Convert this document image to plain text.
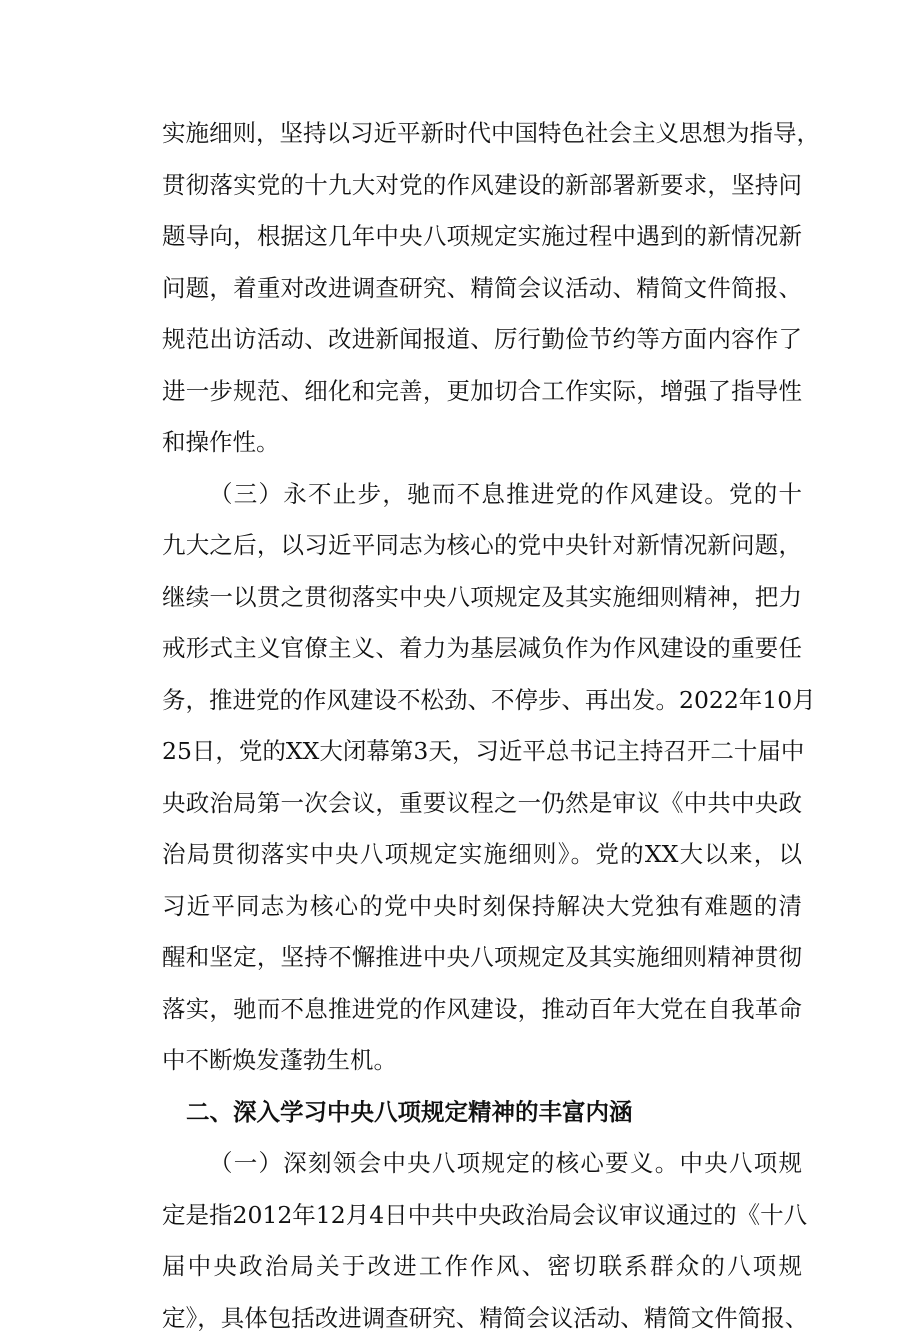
实施细则，坚持以习近平新时代中国特色社会主义思想为指导，
贯彻落实党的十九大对党的作风建设的新部署新要求，坚持问
题导向，根据这几年中央八项规定实施过程中遇到的新情况新
问题，着重对改进调查研究、精简会议活动、精简文件简报、
规范出访活动、改进新闻报道、厉行勤俭节约等方面内容作了
进一步规范、细化和完善，更加切合工作实际，增强了指导性
和操作性。
（三）永不止步，驰而不息推进党的作风建设。党的十
九大之后，以习近平同志为核心的党中央针对新情况新问题，
继续一以贯之贯彻落实中央八项规定及其实施细则精神，把力
戒形式主义官僚主义、着力为基层减负作为作风建设的重要任
务，推进党的作风建设不松劲、不停步、再出发。2022年10月
25日，党的XX大闭幕第3天，习近平总书记主持召开二十届中
央政治局第一次会议，重要议程之一仍然是审议《中共中央政
治局贯彻落实中央八项规定实施细则》。党的XX大以来，以
习近平同志为核心的党中央时刻保持解决大党独有难题的清
醒和坚定，坚持不懈推进中央八项规定及其实施细则精神贯彻
落实，驰而不息推进党的作风建设，推动百年大党在自我革命
中不断焕发蓬勃生机。
二、深入学习中央八项规定精神的丰富内涵
（一）深刻领会中央八项规定的核心要义。中央八项规
定是指2012年12月4日中共中央政治局会议审议通过的《十八
届中央政治局关于改进工作作风、密切联系群众的八项规
定》，具体包括改进调查研究、精简会议活动、精简文件简报、
